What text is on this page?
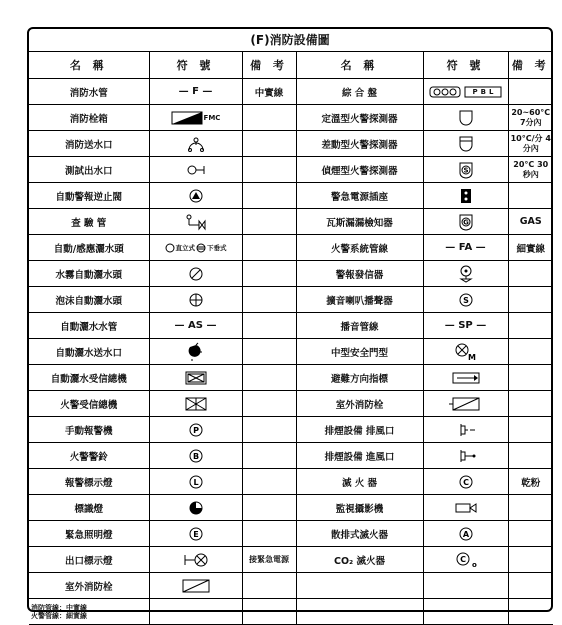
(F)消防設備圖
名 稱	符 號	備 考	名 稱	符 號	備 考
消防水管	— F —	中實線	綜 合 盤	PBL	

消防栓箱	FMC		定溫型火警探測器		20~60°C 7分內
消防送水口			差動型火警探測器		10°C/分 4分內
測試出水口			偵煙型火警探測器	S	20°C 30秒內
自動警報逆止閥			警急電源插座	

查 驗 管			瓦斯漏漏檢知器	G	GAS
自動/感應灑水頭	直立式 下垂式		火警系統管線	— FA —	細實線
水霧自動灑水頭			警報發信器	

泡沫自動灑水頭			擴音喇叭播聲器	S	

自動灑水水管	— AS —		播音管線	— SP —	

自動灑水送水口			中型安全門型	M	

自動灑水受信總機			避難方向指標	

火警受信總機			室外消防栓	

手動報警機	P		排煙設備 排風口	

火警警鈴	B		排煙設備 進風口	

報警標示燈	L		滅 火 器	C	乾粉
標識燈			監視攝影機	

緊急照明燈	E		散排式滅火器	A	

出口標示燈		接緊急電源	CO₂ 滅火器	C
o	

室外消防栓	

消防管線：中實線
火警管線：細實線					
